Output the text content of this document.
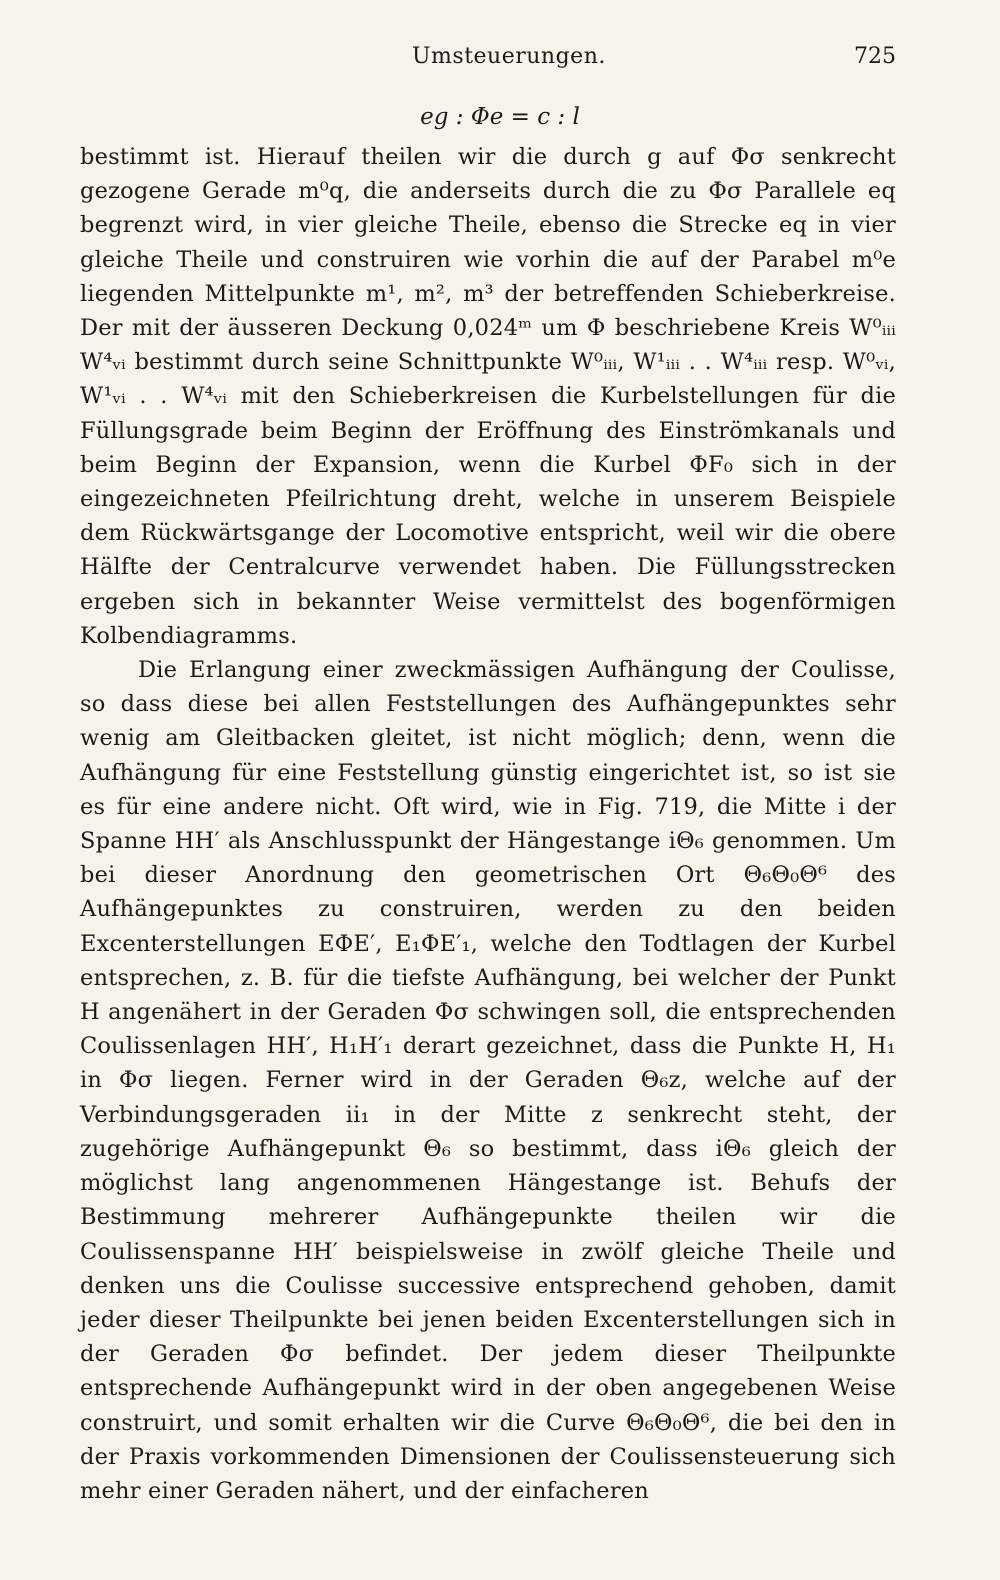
Umsteuerungen.	725
eg : Φe = c : l

bestimmt ist. Hierauf theilen wir die durch g auf Φσ senkrecht gezogene Gerade m⁰q, die anderseits durch die zu Φσ Parallele eq begrenzt wird, in vier gleiche Theile, ebenso die Strecke eq in vier gleiche Theile und construiren wie vorhin die auf der Parabel m⁰e liegenden Mittelpunkte m¹, m², m³ der betreffenden Schieberkreise. Der mit der äusseren Deckung 0,024ᵐ um Φ beschriebene Kreis W⁰ᵢᵢᵢ W⁴ᵥᵢ bestimmt durch seine Schnittpunkte W⁰ᵢᵢᵢ, W¹ᵢᵢᵢ . . W⁴ᵢᵢᵢ resp. W⁰ᵥᵢ, W¹ᵥᵢ . . W⁴ᵥᵢ mit den Schieberkreisen die Kurbelstellungen für die Füllungsgrade beim Beginn der Eröffnung des Einströmkanals und beim Beginn der Expansion, wenn die Kurbel ΦF₀ sich in der eingezeichneten Pfeilrichtung dreht, welche in unserem Beispiele dem Rückwärtsgange der Locomotive entspricht, weil wir die obere Hälfte der Centralcurve verwendet haben. Die Füllungsstrecken ergeben sich in bekannter Weise vermittelst des bogenförmigen Kolbendiagramms.

Die Erlangung einer zweckmässigen Aufhängung der Coulisse, so dass diese bei allen Feststellungen des Aufhängepunktes sehr wenig am Gleitbacken gleitet, ist nicht möglich; denn, wenn die Aufhängung für eine Feststellung günstig eingerichtet ist, so ist sie es für eine andere nicht. Oft wird, wie in Fig. 719, die Mitte i der Spanne HH′ als Anschlusspunkt der Hängestange iΘ₆ genommen. Um bei dieser Anordnung den geometrischen Ort Θ₆Θ₀Θ⁶ des Aufhängepunktes zu construiren, werden zu den beiden Excenterstellungen EΦE′, E₁ΦE′₁, welche den Todtlagen der Kurbel entsprechen, z. B. für die tiefste Aufhängung, bei welcher der Punkt H angenähert in der Geraden Φσ schwingen soll, die entsprechenden Coulissenlagen HH′, H₁H′₁ derart gezeichnet, dass die Punkte H, H₁ in Φσ liegen. Ferner wird in der Geraden Θ₆z, welche auf der Verbindungsgeraden ii₁ in der Mitte z senkrecht steht, der zugehörige Aufhängepunkt Θ₆ so bestimmt, dass iΘ₆ gleich der möglichst lang angenommenen Hängestange ist. Behufs der Bestimmung mehrerer Aufhängepunkte theilen wir die Coulissenspanne HH′ beispielsweise in zwölf gleiche Theile und denken uns die Coulisse successive entsprechend gehoben, damit jeder dieser Theilpunkte bei jenen beiden Excenterstellungen sich in der Geraden Φσ befindet. Der jedem dieser Theilpunkte entsprechende Aufhängepunkt wird in der oben angegebenen Weise construirt, und somit erhalten wir die Curve Θ₆Θ₀Θ⁶, die bei den in der Praxis vorkommenden Dimensionen der Coulissensteuerung sich mehr einer Geraden nähert, und der einfacheren
